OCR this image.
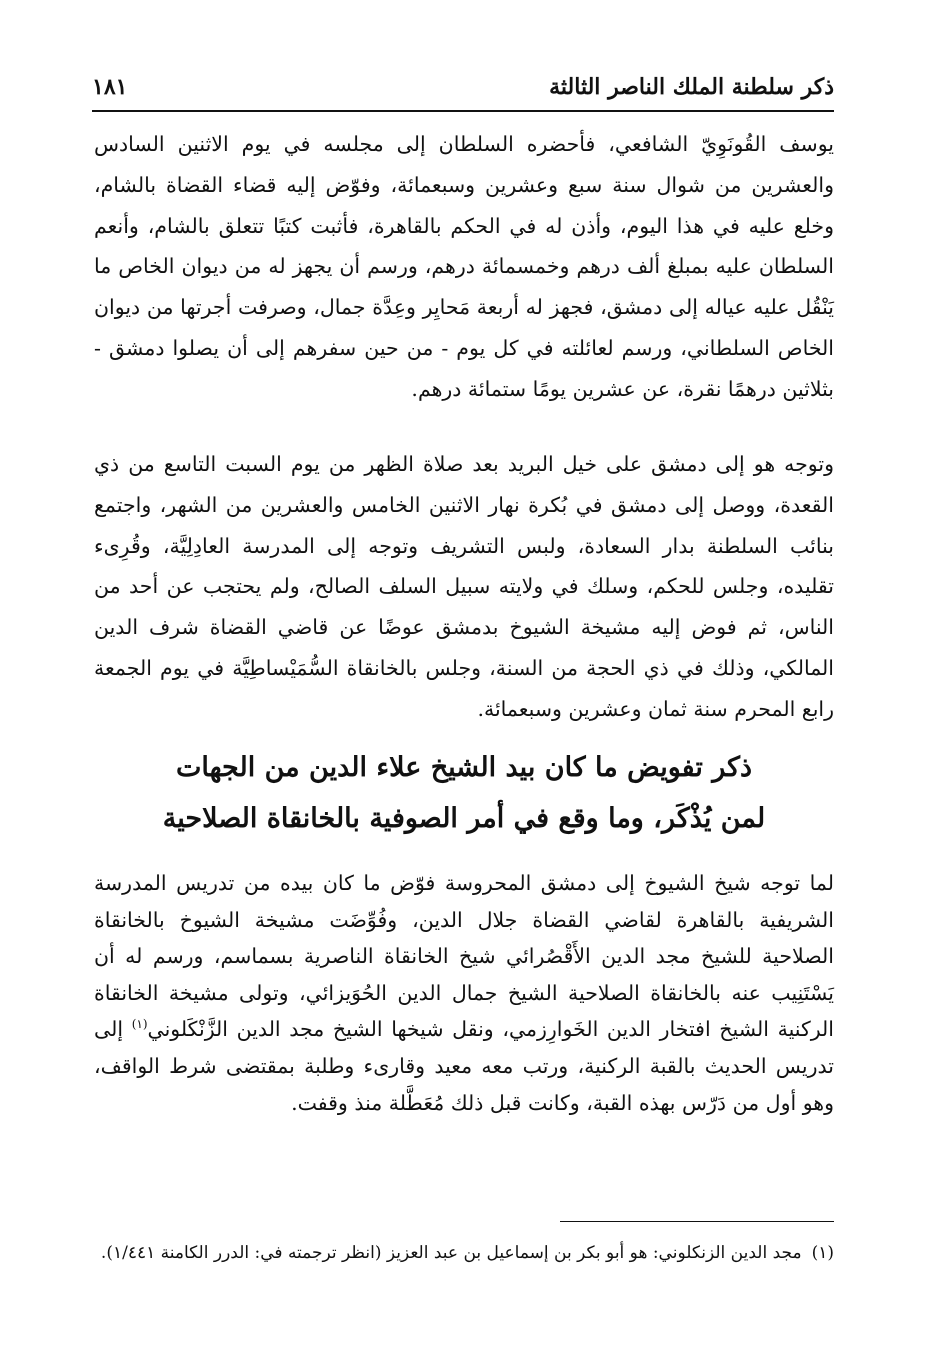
ذكر سلطنة الملك الناصر الثالثة
١٨١

يوسف القُونَوِيّ الشافعي، فأحضره السلطان إلى مجلسه في يوم الاثنين السادس والعشرين من شوال سنة سبع وعشرين وسبعمائة، وفوّض إليه قضاء القضاة بالشام، وخلع عليه في هذا اليوم، وأذن له في الحكم بالقاهرة، فأثبت كتبًا تتعلق بالشام، وأنعم السلطان عليه بمبلغ ألف درهم وخمسمائة درهم، ورسم أن يجهز له من ديوان الخاص ما يَنْقُل عليه عياله إلى دمشق، فجهز له أربعة مَحايِر وعِدَّة جمال، وصرفت أجرتها من ديوان الخاص السلطاني، ورسم لعائلته في كل يوم - من حين سفرهم إلى أن يصلوا دمشق - بثلاثين درهمًا نقرة، عن عشرين يومًا ستمائة درهم.

وتوجه هو إلى دمشق على خيل البريد بعد صلاة الظهر من يوم السبت التاسع من ذي القعدة، ووصل إلى دمشق في بُكرة نهار الاثنين الخامس والعشرين من الشهر، واجتمع بنائب السلطنة بدار السعادة، ولبس التشريف وتوجه إلى المدرسة العادِلِيَّة، وقُرِىء تقليده، وجلس للحكم، وسلك في ولايته سبيل السلف الصالح، ولم يحتجب عن أحد من الناس، ثم فوض إليه مشيخة الشيوخ بدمشق عوضًا عن قاضي القضاة شرف الدين المالكي، وذلك في ذي الحجة من السنة، وجلس بالخانقاة السُّمَيْساطِيَّة في يوم الجمعة رابع المحرم سنة ثمان وعشرين وسبعمائة.

ذكر تفويض ما كان بيد الشيخ علاء الدين من الجهات
لمن يُذْكَر، وما وقع في أمر الصوفية بالخانقاة الصلاحية

لما توجه شيخ الشيوخ إلى دمشق المحروسة فوّض ما كان بيده من تدريس المدرسة الشريفية بالقاهرة لقاضي القضاة جلال الدين، وفُوِّضَت مشيخة الشيوخ بالخانقاة الصلاحية للشيخ مجد الدين الأَقْصُرائي شيخ الخانقاة الناصرية بسماسم، ورسم له أن يَسْتَنِيب عنه بالخانقاة الصلاحية الشيخ جمال الدين الحُوَيزائي، وتولى مشيخة الخانقاة الركنية الشيخ افتخار الدين الخَوارِزمي، ونقل شيخها الشيخ مجد الدين الزَّنْكَلوني$^{(١)}$ إلى تدريس الحديث بالقبة الركنية، ورتب معه معيد وقارىء وطلبة بمقتضى شرط الواقف، وهو أول من دَرّس بهذه القبة، وكانت قبل ذلك مُعَطَّلة منذ وقفت.

(١)مجد الدين الزنكلوني: هو أبو بكر بن إسماعيل بن عبد العزيز (انظر ترجمته في: الدرر الكامنة ١/٤٤١).
